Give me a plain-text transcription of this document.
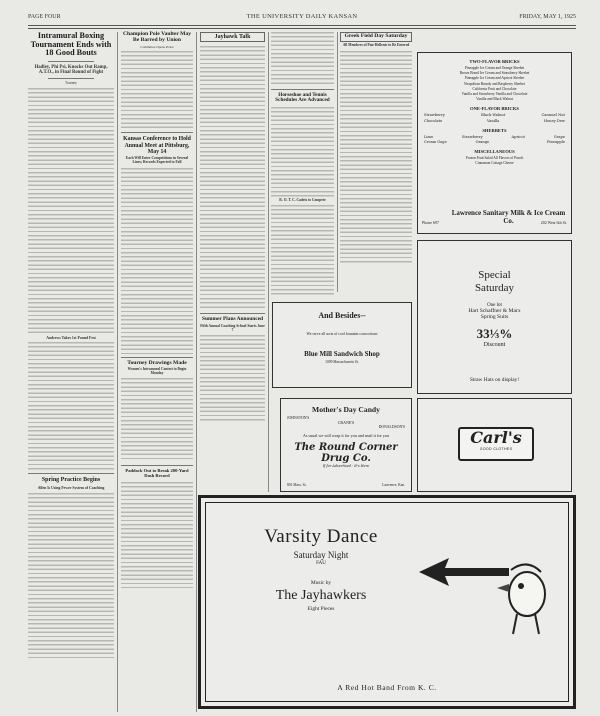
PAGE FOUR	THE UNIVERSITY DAILY KANSAN	FRIDAY, MAY 1, 1925
Intramural Boxing Tournament Ends with 18 Good Bouts
Hadley, Phi Psi, Knocks Out Ramp, A.T.O., in Final Round of Fight
Tourney
Andrews Takes 1st Pound Fest
Spring Practice Begins
Allen Is Using Fewer System of Coaching
Champion Pole Vaulter May Be Barred by Union
Committee Opens Probe
Kansas Conference to Hold Annual Meet at Pittsburg, May 14
Each Will Enter Competitions in Several Lines; Records Expected to Fall
Tourney Drawings Made
Women's Intramural Contest to Begin Monday
Paddock Out to Break 200-Yard Dash Record
Jayhawk Talk
Summer Plans Announced
Fifth Annual Coaching School Starts June 7
Horseshoe and Tennis Schedules Are Advanced
R. O. T. C. Cadets to Compete
Greek Field Day Saturday
All Members of Pan-Hellenic to Be Entered
TWO-FLAVOR BRICKS
Pineapple Ice Cream and Orange Sherbet
Brown Bread Ice Cream and Strawberry Sherbet
Pineapple Ice Cream and Apricot Sherbet
Neapolitan Brandy and Raspberry Sherbet
California Fruit and Chocolate
Vanilla and Strawberry Vanilla and Chocolate
Vanilla and Black Walnut
ONE-FLAVOR BRICKS
Strawberry	Black Walnut	Caramel Nut
Chocolate	Vanilla	Honey Dew
SHERBETS
Lime	Strawberry	Apricot	Grape
Cream Gage	Orange	Pineapple
MISCELLANEOUS
Frozen Fruit Salad All Flavors of Punch
Cinnamon Cottage Cheese
Phone 697
Lawrence Sanitary Milk & Ice Cream Co.	202 West 6th St.
And Besides--
We serve all sorts of cool fountain concoctions
Blue Mill Sandwich Shop
1009 Massachusetts St.
Mother's Day Candy
JOHNSTON'S
CRANE'S
DONALDSON'S
As usual we will wrap it for you and mail it for you
The Round Corner Drug Co.
If for Advertised - It's Here
801 Mass. St.	Lawrence, Kan.
Carl's
GOOD CLOTHES
Special
Saturday
One lot
Hart Schaffner & Marx
Spring Suits
33⅓%
Discount
Straw Hats on display!
Varsity Dance
Saturday Night
FAU
Music by
The Jayhawkers
Eight Pieces
A Red Hot Band From K. C.
